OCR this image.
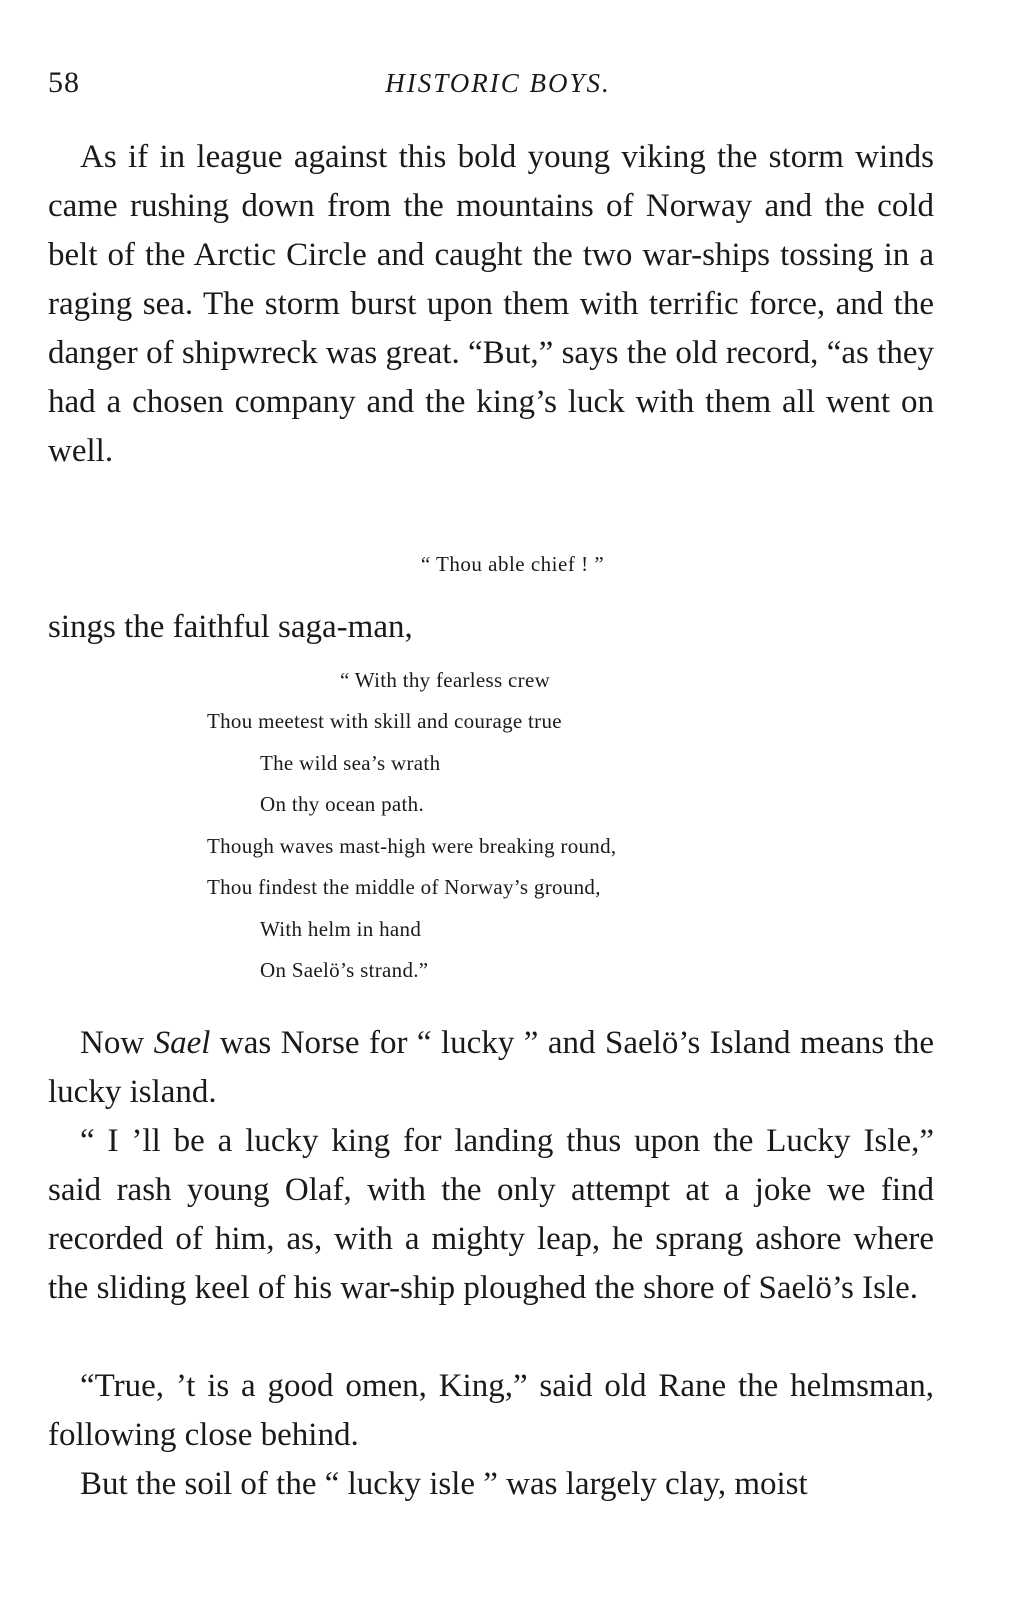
58	HISTORIC BOYS.

As if in league against this bold young viking the storm winds came rushing down from the mountains of Norway and the cold belt of the Arctic Circle and caught the two war-ships tossing in a raging sea. The storm burst upon them with terrific force, and the danger of shipwreck was great. “But,” says the old record, “as they had a chosen company and the king’s luck with them all went on well.

“ Thou able chief ! ”
sings the faithful saga-man,
“ With thy fearless crew
Thou meetest with skill and courage true
The wild sea’s wrath
On thy ocean path.
Though waves mast-high were breaking round,
Thou findest the middle of Norway’s ground,
With helm in hand
On Saelö’s strand.”

Now Sael was Norse for “ lucky ” and Saelö’s Island means the lucky island.

“ I ’ll be a lucky king for landing thus upon the Lucky Isle,” said rash young Olaf, with the only attempt at a joke we find recorded of him, as, with a mighty leap, he sprang ashore where the sliding keel of his war-ship ploughed the shore of Saelö’s Isle.

“True, ’t is a good omen, King,” said old Rane the helmsman, following close behind.

But the soil of the “ lucky isle ” was largely clay, moist
